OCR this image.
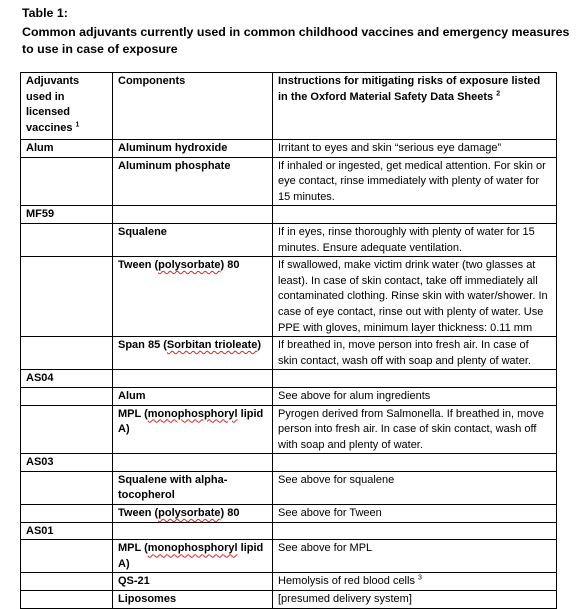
Table 1:
Common adjuvants currently used in common childhood vaccines and emergency measures
to use in case of exposure
Adjuvants used in licensed vaccines $^1$	Components	Instructions for mitigating risks of exposure listed in the Oxford Material Safety Data Sheets $^2$
Alum	Aluminum hydroxide	Irritant to eyes and skin “serious eye damage”
	Aluminum phosphate	If inhaled or ingested, get medical attention. For skin or eye contact, rinse immediately with plenty of water for 15 minutes.
MF59		
	Squalene	If in eyes, rinse thoroughly with plenty of water for 15 minutes. Ensure adequate ventilation.
	Tween (polysorbate) 80	If swallowed, make victim drink water (two glasses at least). In case of skin contact, take off immediately all contaminated clothing. Rinse skin with water/shower. In case of eye contact, rinse out with plenty of water. Use PPE with gloves, minimum layer thickness: 0.11 mm
	Span 85 (Sorbitan trioleate)	If breathed in, move person into fresh air. In case of skin contact, wash off with soap and plenty of water.
AS04		
	Alum	See above for alum ingredients
	MPL (monophosphoryl lipid A)	Pyrogen derived from Salmonella. If breathed in, move person into fresh air. In case of skin contact, wash off with soap and plenty of water.
AS03		
	Squalene with alpha-tocopherol	See above for squalene
	Tween (polysorbate) 80	See above for Tween
AS01		
	MPL (monophosphoryl lipid A)	See above for MPL
	QS-21	Hemolysis of red blood cells $^3$
	Liposomes	[presumed delivery system]
